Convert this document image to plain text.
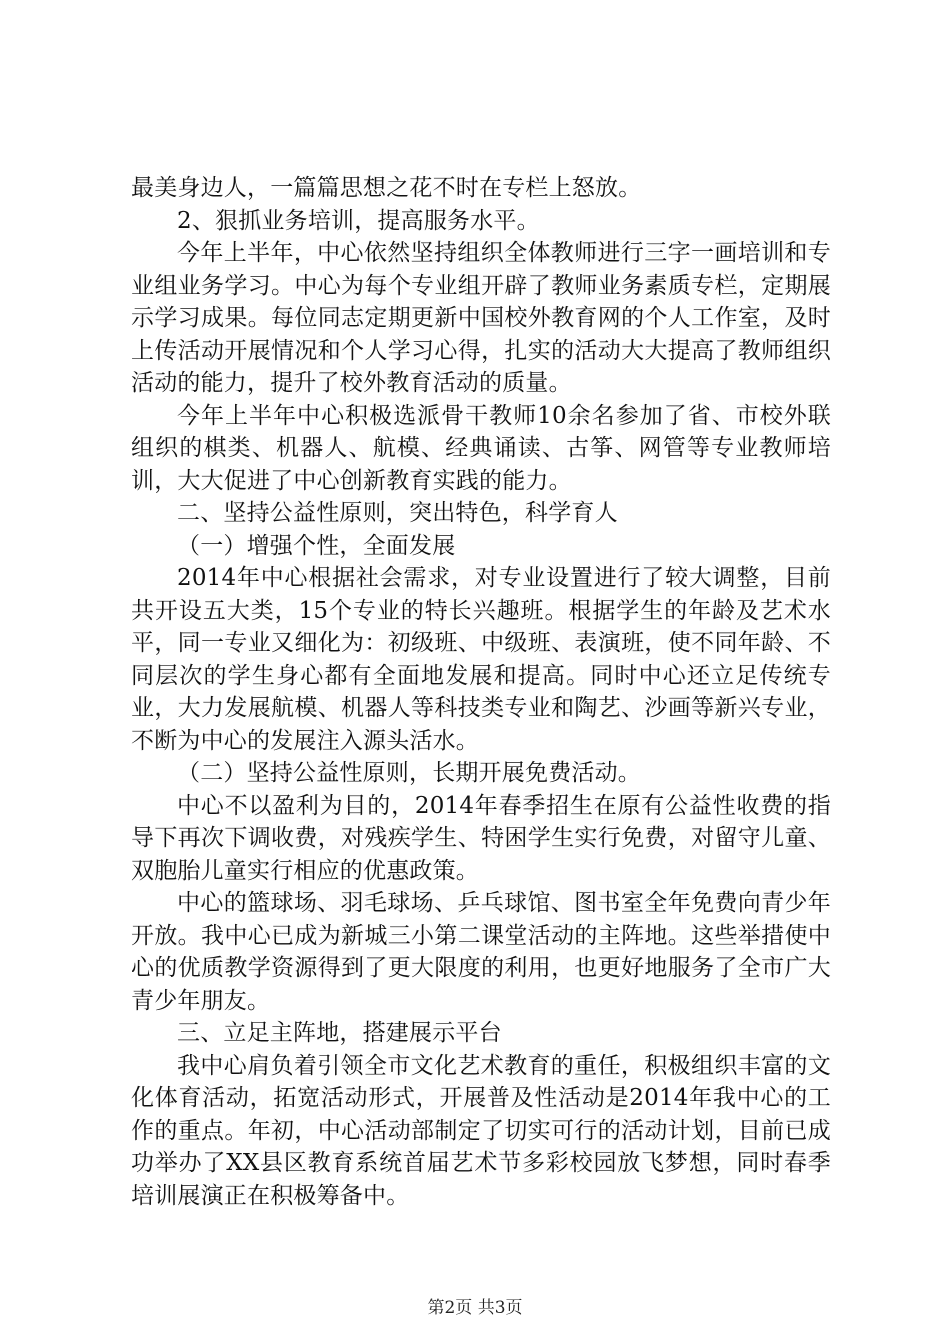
最美身边人，一篇篇思想之花不时在专栏上怒放。

2、狠抓业务培训，提高服务水平。

今年上半年，中心依然坚持组织全体教师进行三字一画培训和专业组业务学习。中心为每个专业组开辟了教师业务素质专栏，定期展示学习成果。每位同志定期更新中国校外教育网的个人工作室，及时上传活动开展情况和个人学习心得，扎实的活动大大提高了教师组织活动的能力，提升了校外教育活动的质量。

今年上半年中心积极选派骨干教师10余名参加了省、市校外联组织的棋类、机器人、航模、经典诵读、古筝、网管等专业教师培训，大大促进了中心创新教育实践的能力。

二、坚持公益性原则，突出特色，科学育人

（一）增强个性，全面发展

2014年中心根据社会需求，对专业设置进行了较大调整，目前共开设五大类，15个专业的特长兴趣班。根据学生的年龄及艺术水平，同一专业又细化为：初级班、中级班、表演班，使不同年龄、不同层次的学生身心都有全面地发展和提高。同时中心还立足传统专业，大力发展航模、机器人等科技类专业和陶艺、沙画等新兴专业，不断为中心的发展注入源头活水。

（二）坚持公益性原则，长期开展免费活动。

中心不以盈利为目的，2014年春季招生在原有公益性收费的指导下再次下调收费，对残疾学生、特困学生实行免费，对留守儿童、双胞胎儿童实行相应的优惠政策。

中心的篮球场、羽毛球场、乒乓球馆、图书室全年免费向青少年开放。我中心已成为新城三小第二课堂活动的主阵地。这些举措使中心的优质教学资源得到了更大限度的利用，也更好地服务了全市广大青少年朋友。

三、立足主阵地，搭建展示平台

我中心肩负着引领全市文化艺术教育的重任，积极组织丰富的文化体育活动，拓宽活动形式，开展普及性活动是2014年我中心的工作的重点。年初，中心活动部制定了切实可行的活动计划，目前已成功举办了XX县区教育系统首届艺术节多彩校园放飞梦想，同时春季培训展演正在积极筹备中。

第2页 共3页
